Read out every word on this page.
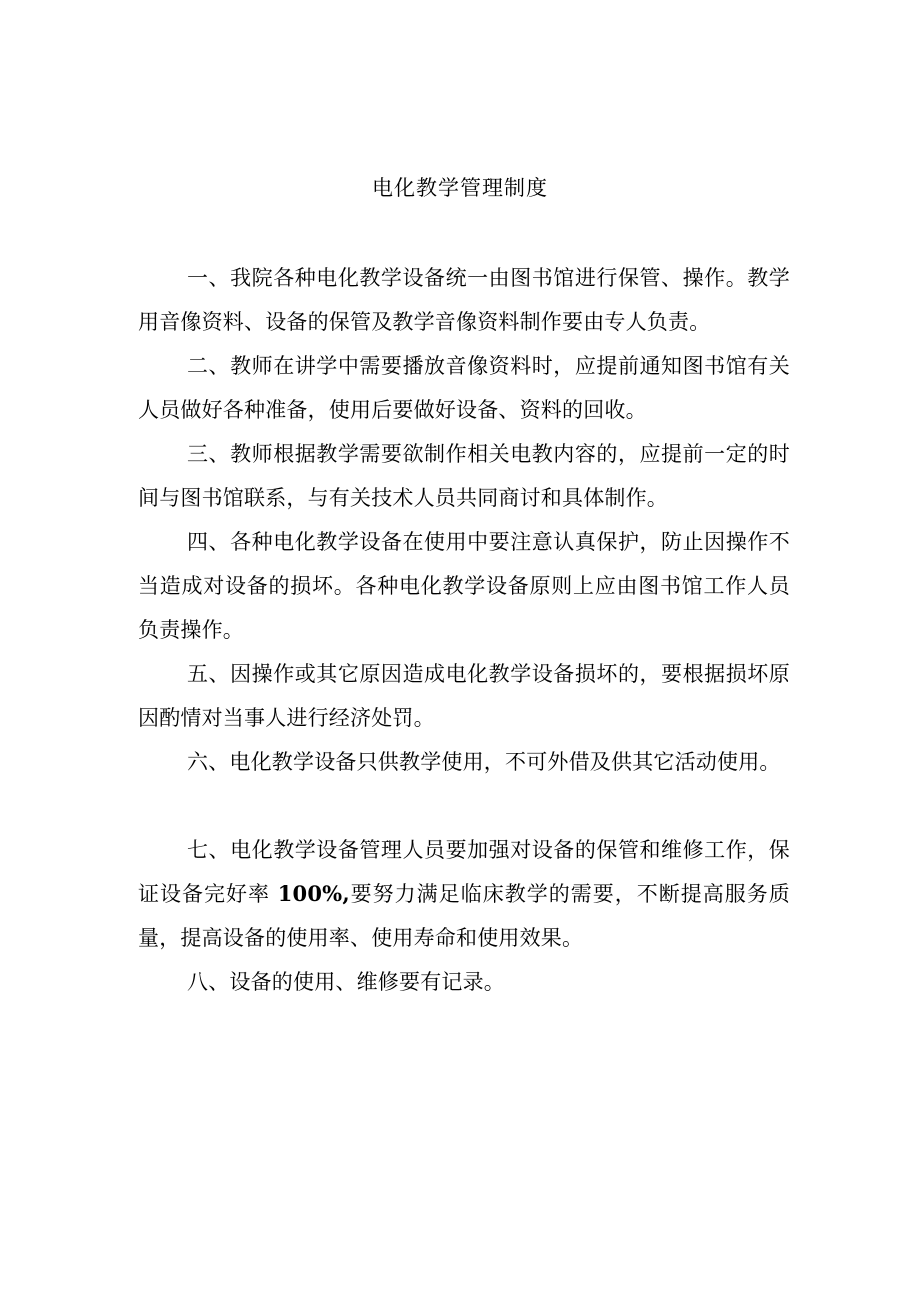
电化教学管理制度

一、我院各种电化教学设备统一由图书馆进行保管、操作。教学用音像资料、设备的保管及教学音像资料制作要由专人负责。

二、教师在讲学中需要播放音像资料时，应提前通知图书馆有关人员做好各种准备，使用后要做好设备、资料的回收。

三、教师根据教学需要欲制作相关电教内容的，应提前一定的时间与图书馆联系，与有关技术人员共同商讨和具体制作。

四、各种电化教学设备在使用中要注意认真保护，防止因操作不当造成对设备的损坏。各种电化教学设备原则上应由图书馆工作人员负责操作。

五、因操作或其它原因造成电化教学设备损坏的，要根据损坏原因酌情对当事人进行经济处罚。

六、电化教学设备只供教学使用，不可外借及供其它活动使用。

七、电化教学设备管理人员要加强对设备的保管和维修工作，保证设备完好率 100%,要努力满足临床教学的需要，不断提高服务质量，提高设备的使用率、使用寿命和使用效果。

八、设备的使用、维修要有记录。
